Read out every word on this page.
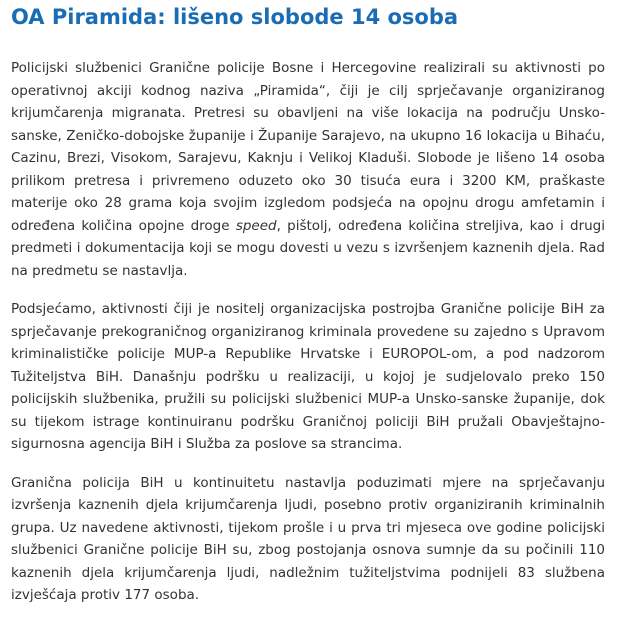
OA Piramida: lišeno slobode 14 osoba

Policijski službenici Granične policije Bosne i Hercegovine realizirali su aktivnosti po operativnoj akciji kodnog naziva „Piramida“, čiji je cilj sprječavanje organiziranog krijumčarenja migranata. Pretresi su obavljeni na više lokacija na području Unsko-sanske, Zeničko-dobojske županije i Županije Sarajevo, na ukupno 16 lokacija u Bihaću, Cazinu, Brezi, Visokom, Sarajevu, Kaknju i Velikoj Kladuši. Slobode je lišeno 14 osoba prilikom pretresa i privremeno oduzeto oko 30 tisuća eura i 3200 KM, praškaste materije oko 28 grama koja svojim izgledom podsjeća na opojnu drogu amfetamin i određena količina opojne droge speed, pištolj, određena količina streljiva, kao i drugi predmeti i dokumentacija koji se mogu dovesti u vezu s izvršenjem kaznenih djela. Rad na predmetu se nastavlja.

Podsjećamo, aktivnosti čiji je nositelj organizacijska postrojba Granične policije BiH za sprječavanje prekograničnog organiziranog kriminala provedene su zajedno s Upravom kriminalističke policije MUP-a Republike Hrvatske i EUROPOL-om, a pod nadzorom Tužiteljstva BiH. Današnju podršku u realizaciji, u kojoj je sudjelovalo preko 150 policijskih službenika, pružili su policijski službenici MUP-a Unsko-sanske županije, dok su tijekom istrage kontinuiranu podršku Graničnoj policiji BiH pružali Obavještajno-sigurnosna agencija BiH i Služba za poslove sa strancima.

Granična policija BiH u kontinuitetu nastavlja poduzimati mjere na sprječavanju izvršenja kaznenih djela krijumčarenja ljudi, posebno protiv organiziranih kriminalnih grupa. Uz navedene aktivnosti, tijekom prošle i u prva tri mjeseca ove godine policijski službenici Granične policije BiH su, zbog postojanja osnova sumnje da su počinili 110 kaznenih djela krijumčarenja ljudi, nadležnim tužiteljstvima podnijeli 83 službena izvješćaja protiv 177 osoba.
